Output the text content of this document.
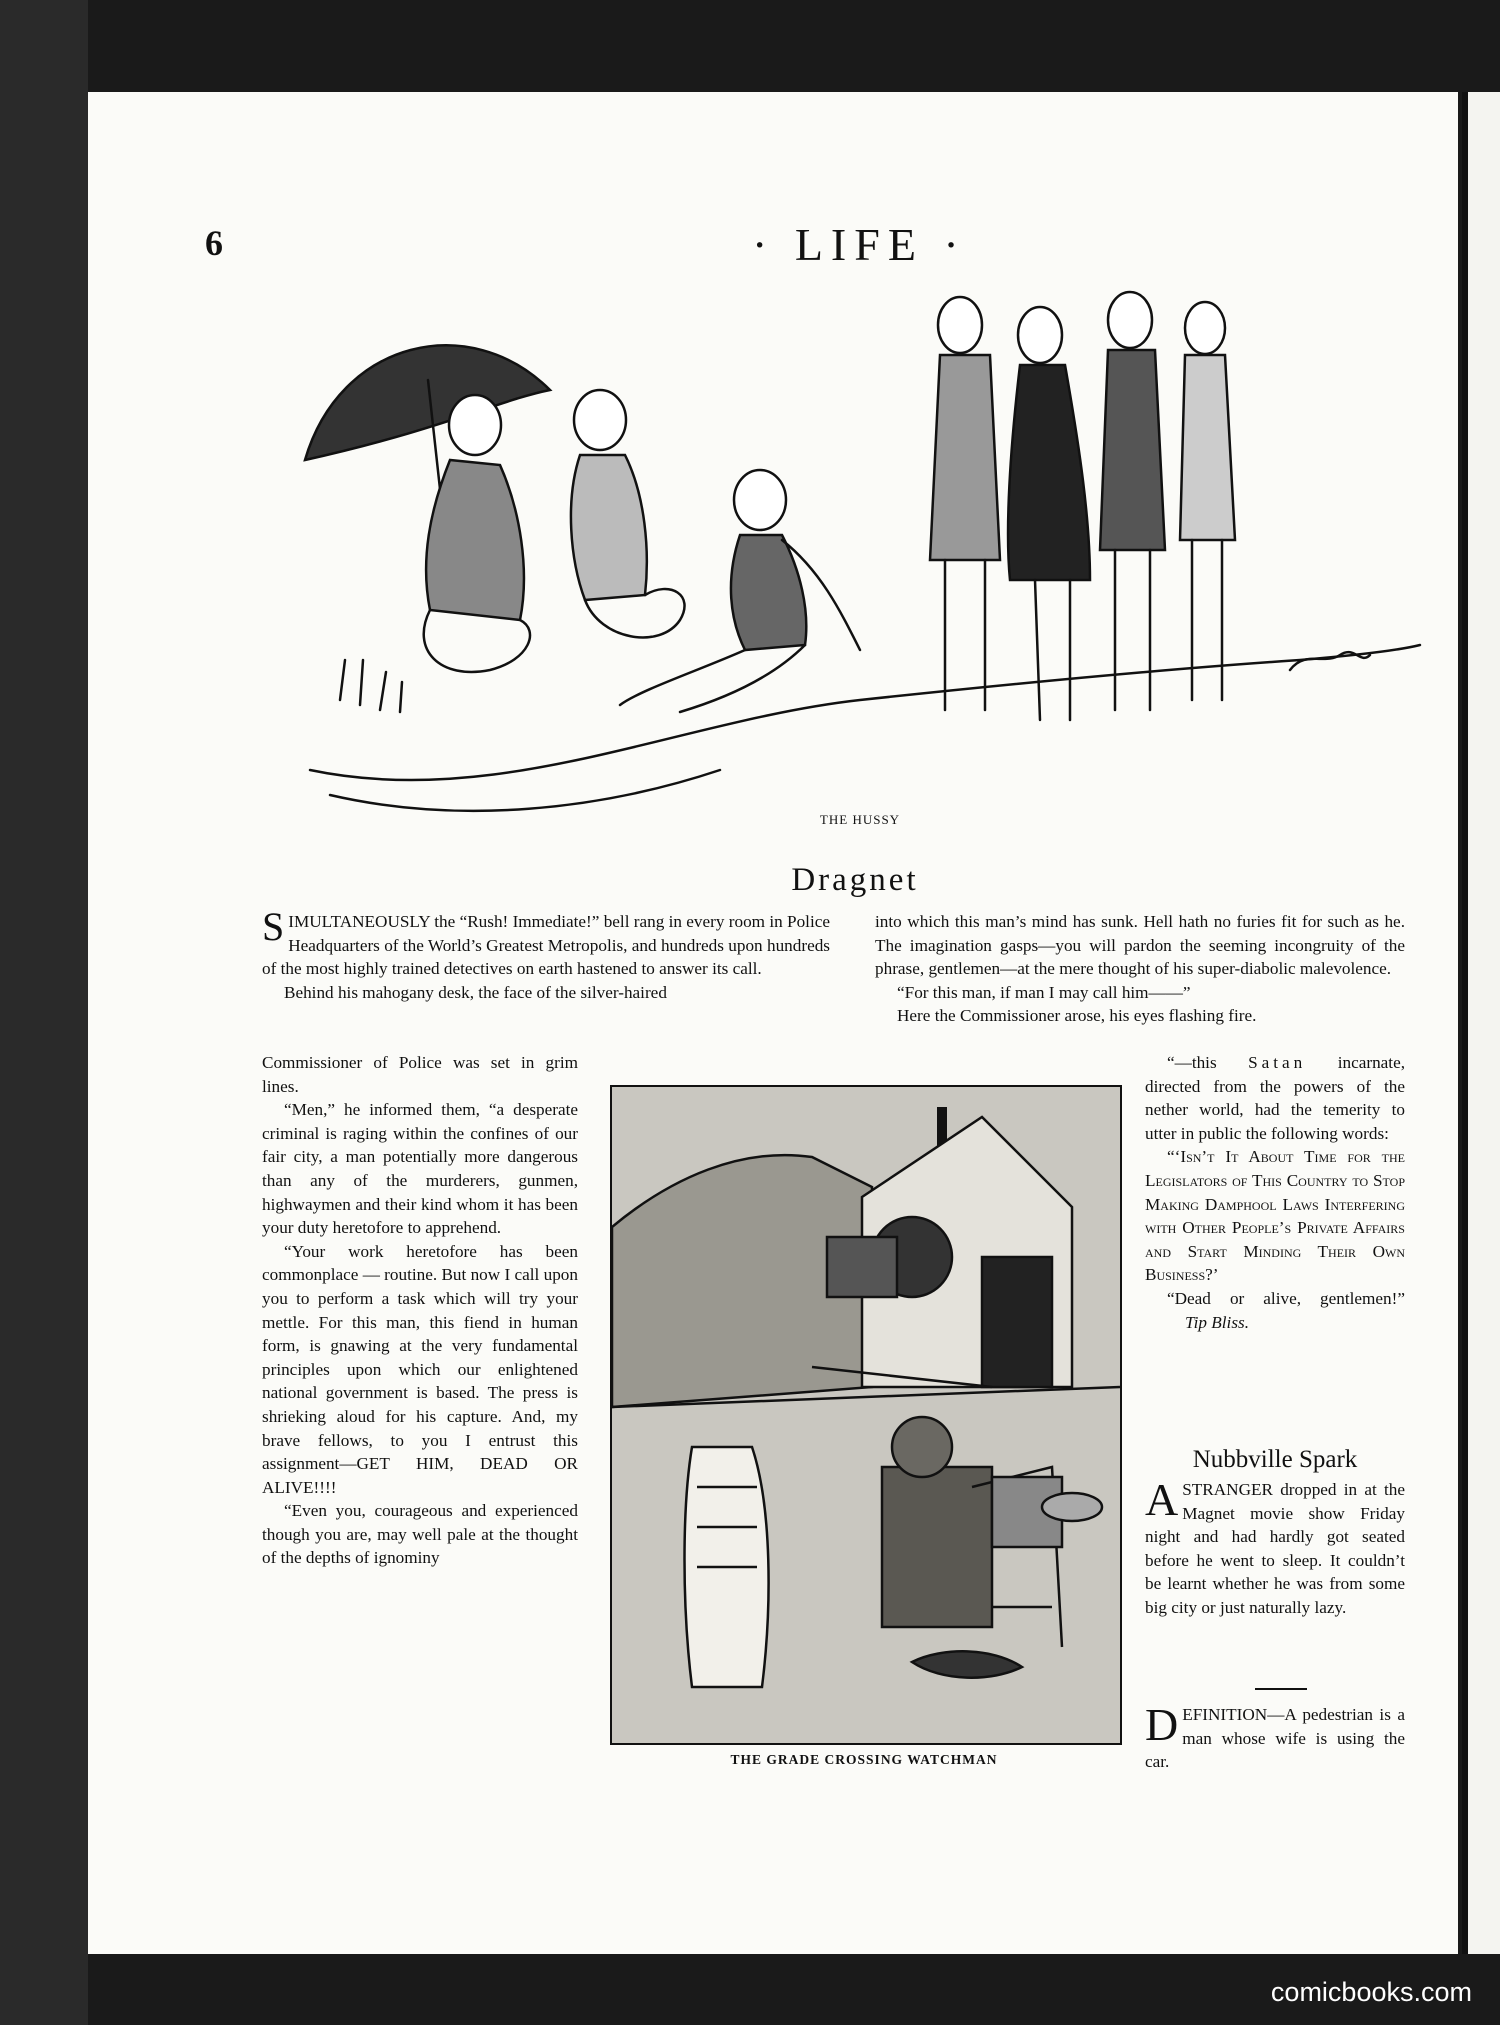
6	· LIFE ·
THE HUSSY
Dragnet

SIMULTANEOUSLY the “Rush! Immediate!” bell rang in every room in Police Headquarters of the World’s Greatest Metropolis, and hundreds upon hundreds of the most highly trained detectives on earth hastened to answer its call.

Behind his mahogany desk, the face of the silver-haired

Commissioner of Police was set in grim lines.

“Men,” he informed them, “a desperate criminal is raging within the confines of our fair city, a man potentially more dangerous than any of the murderers, gunmen, highwaymen and their kind whom it has been your duty heretofore to apprehend.

“Your work heretofore has been commonplace — routine. But now I call upon you to perform a task which will try your mettle. For this man, this fiend in human form, is gnawing at the very fundamental principles upon which our enlightened national government is based. The press is shrieking aloud for his capture. And, my brave fellows, to you I entrust this assignment—GET HIM, DEAD OR ALIVE!!!!

“Even you, courageous and experienced though you are, may well pale at the thought of the depths of ignominy

into which this man’s mind has sunk. Hell hath no furies fit for such as he. The imagination gasps—you will pardon the seeming incongruity of the phrase, gentlemen—at the mere thought of his super-diabolic malevolence.

“For this man, if man I may call him——”

Here the Commissioner arose, his eyes flashing fire.

THE GRADE CROSSING WATCHMAN

“—this Satan incarnate, directed from the powers of the nether world, had the temerity to utter in public the following words:

“‘Isn’t It About Time for the Legislators of This Country to Stop Making Damphool Laws Interfering with Other People’s Private Affairs and Start Minding Their Own Business?’

“Dead or alive, gentlemen!” Tip Bliss.

Nubbville Spark

ASTRANGER dropped in at the Magnet movie show Friday night and had hardly got seated before he went to sleep. It couldn’t be learnt whether he was from some big city or just naturally lazy.

DEFINITION—A pedestrian is a man whose wife is using the car.

comicbooks.com
